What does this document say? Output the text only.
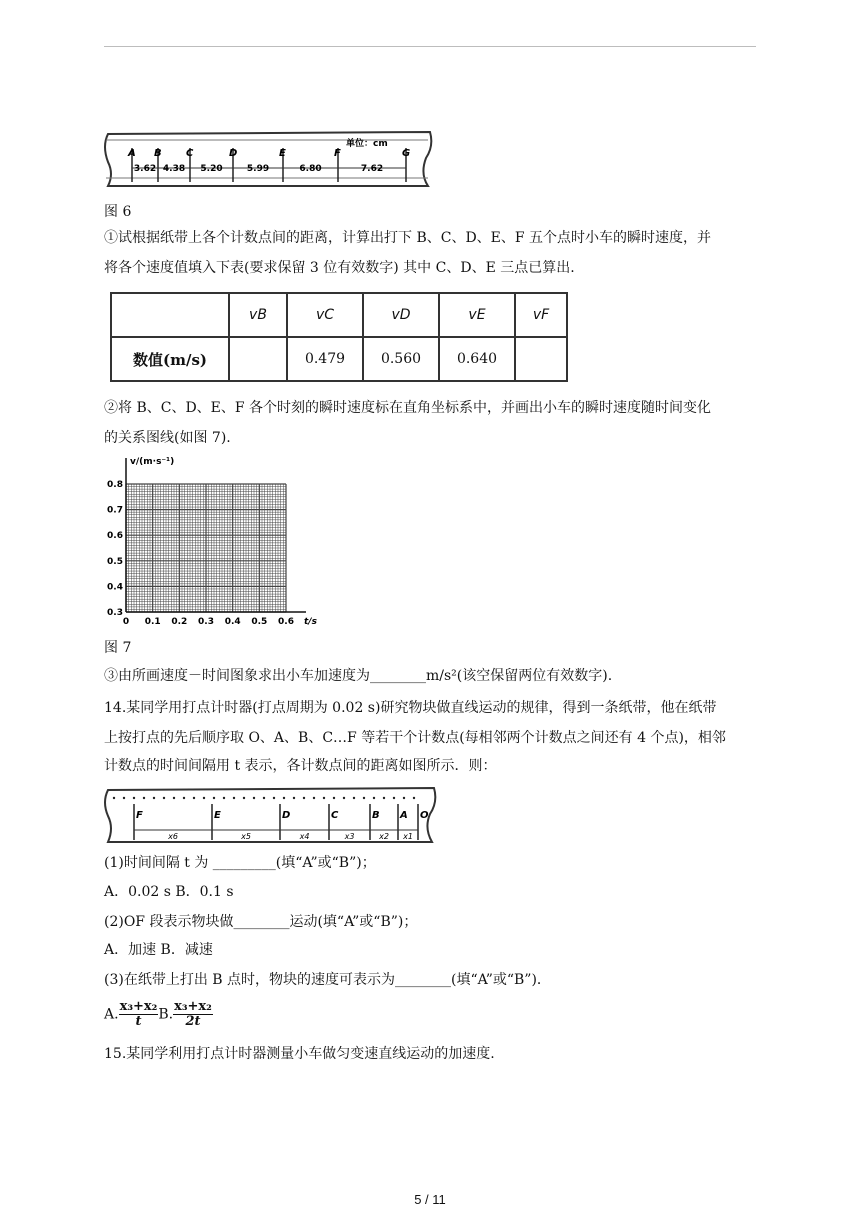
A B C	D	E	F	G
3.62 4.38 5.20	5.99	6.80	7.62
单位：cm
图 6
①试根据纸带上各个计数点间的距离，计算出打下 B、C、D、E、F 五个点时小车的瞬时速度，并
将各个速度值填入下表(要求保留 3 位有效数字) 其中 C、D、E 三点已算出.
	vB	vC	vD	vE	vF
数值(m/s)		0.479	0.560	0.640	
②将 B、C、D、E、F 各个时刻的瞬时速度标在直角坐标系中，并画出小车的瞬时速度随时间变化
的关系图线(如图 7).
v/(m·s⁻¹)
t/s
0.8
0.7
0.6
0.5
0.4
0.3
0 0.1 0.2 0.3 0.4 0.5 0.6
图 7
③由所画速度－时间图象求出小车加速度为________m/s²(该空保留两位有效数字).
14.某同学用打点计时器(打点周期为 0.02 s)研究物块做直线运动的规律，得到一条纸带，他在纸带
上按打点的先后顺序取 O、A、B、C…F 等若干个计数点(每相邻两个计数点之间还有 4 个点)，相邻
计数点的时间间隔用 t 表示，各计数点间的距离如图所示．则：
F	E	D	C	B A O
x6	x5	x4	x3	x2 x1
(1)时间间隔 t 为 _________(填“A”或“B”)；
A．0.02 s B．0.1 s
(2)OF 段表示物块做________运动(填“A”或“B”)；
A．加速 B．减速
(3)在纸带上打出 B 点时，物块的速度可表示为________(填“A”或“B”)．
A. $\frac{\text{x₃+x₂}}{t} B$. $\frac{\text{x₃+x₂}}{2t}$
15.某同学利用打点计时器测量小车做匀变速直线运动的加速度.
5 / 11
